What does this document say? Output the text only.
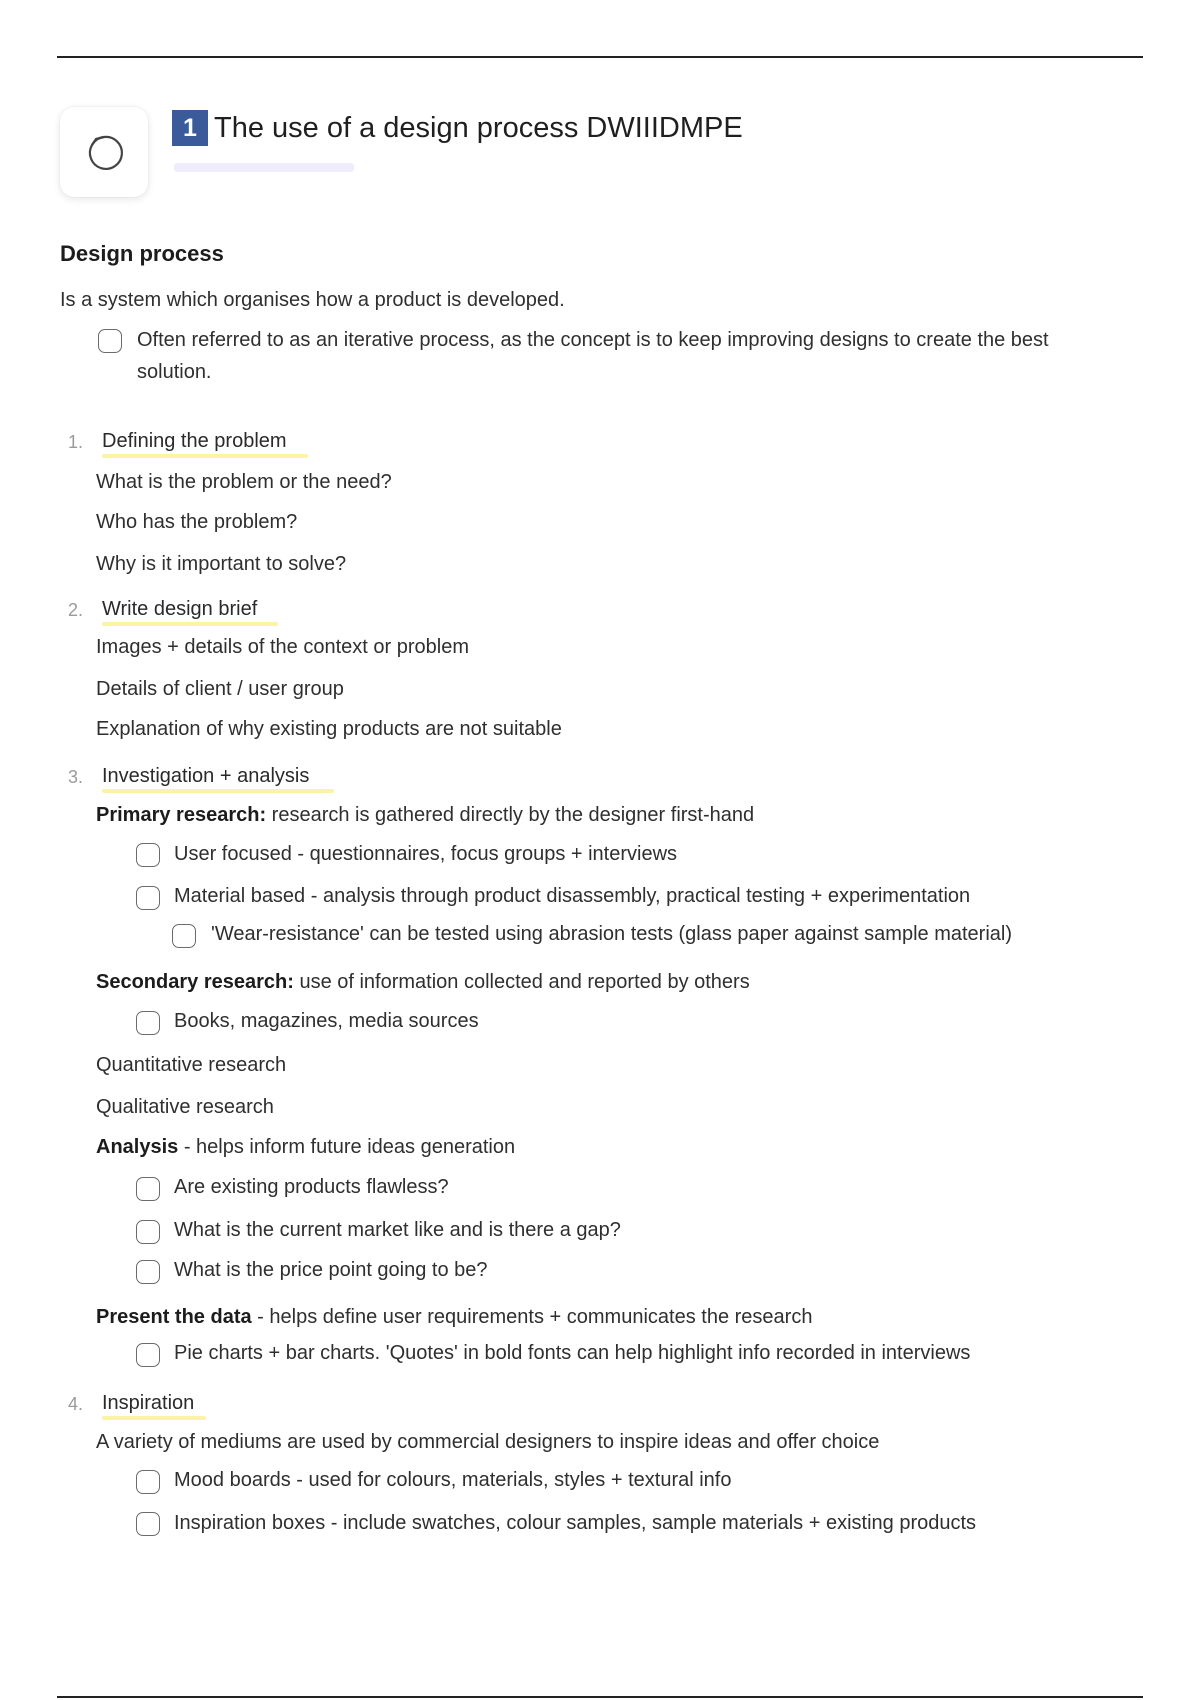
1 The use of a design process DWIIIDMPE
Design process
Is a system which organises how a product is developed.
Often referred to as an iterative process, as the concept is to keep improving designs to create the best
solution.
1. Defining the problem
What is the problem or the need?
Who has the problem?
Why is it important to solve?
2. Write design brief
Images + details of the context or problem
Details of client / user group
Explanation of why existing products are not suitable
3. Investigation + analysis
Primary research: research is gathered directly by the designer first-hand
User focused - questionnaires, focus groups + interviews
Material based - analysis through product disassembly, practical testing + experimentation
'Wear-resistance' can be tested using abrasion tests (glass paper against sample material)
Secondary research: use of information collected and reported by others
Books, magazines, media sources
Quantitative research
Qualitative research
Analysis - helps inform future ideas generation
Are existing products flawless?
What is the current market like and is there a gap?
What is the price point going to be?
Present the data - helps define user requirements + communicates the research
Pie charts + bar charts. 'Quotes' in bold fonts can help highlight info recorded in interviews
4. Inspiration
A variety of mediums are used by commercial designers to inspire ideas and offer choice
Mood boards - used for colours, materials, styles + textural info
Inspiration boxes - include swatches, colour samples, sample materials + existing products
